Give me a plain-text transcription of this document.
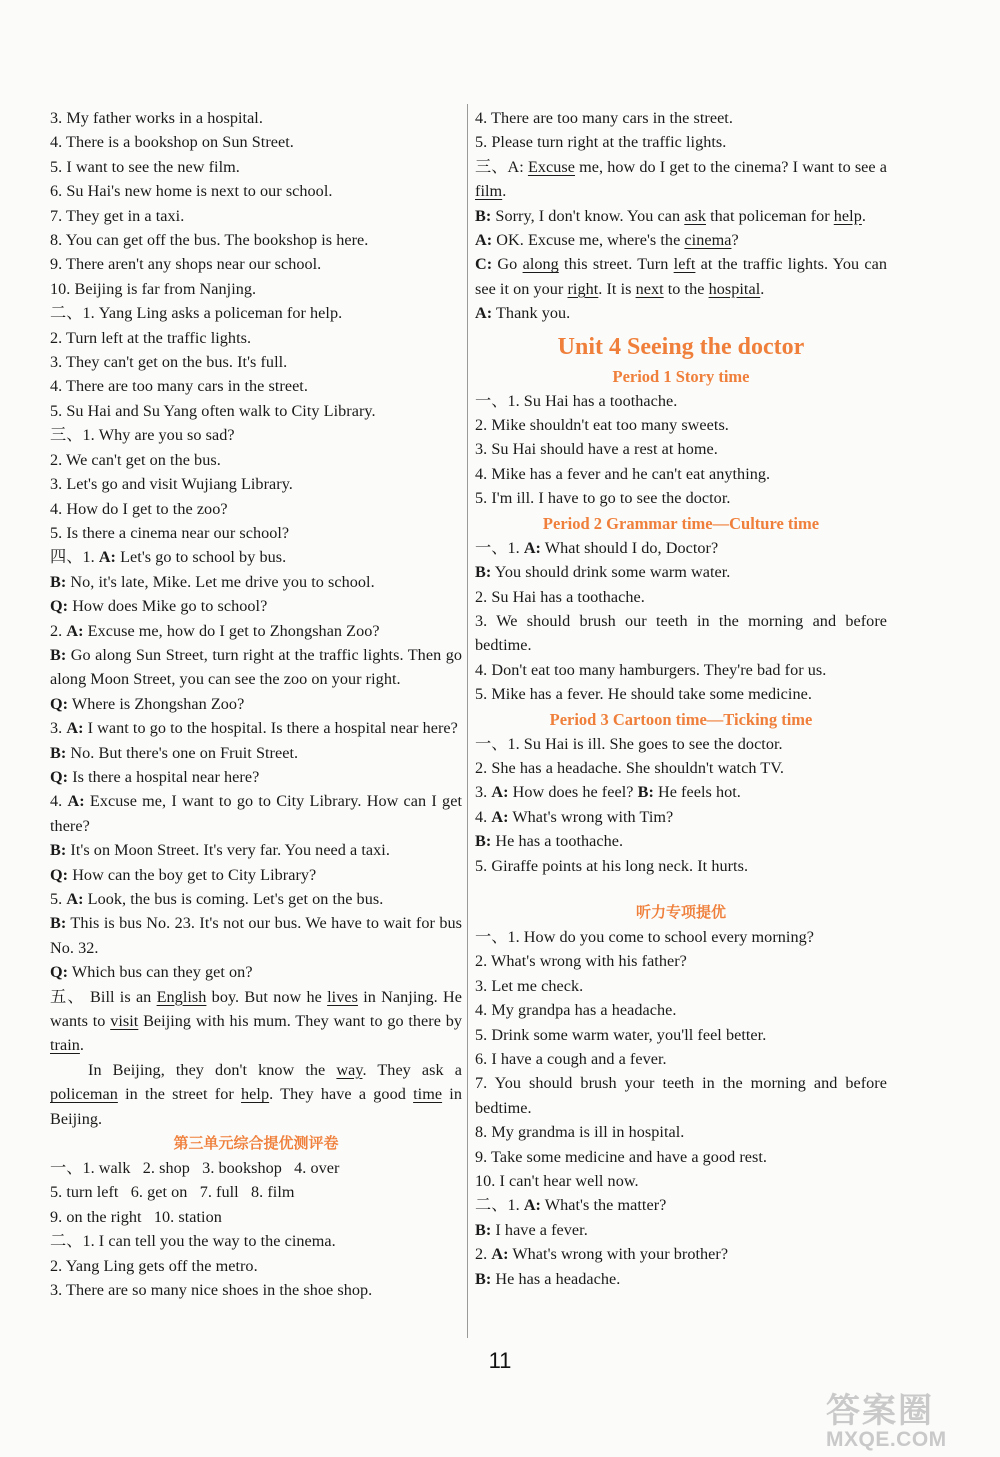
3. My father works in a hospital.
4. There is a bookshop on Sun Street.
5. I want to see the new film.
6. Su Hai's new home is next to our school.
7. They get in a taxi.
8. You can get off the bus. The bookshop is here.
9. There aren't any shops near our school.
10. Beijing is far from Nanjing.
二、1. Yang Ling asks a policeman for help.
2. Turn left at the traffic lights.
3. They can't get on the bus. It's full.
4. There are too many cars in the street.
5. Su Hai and Su Yang often walk to City Library.
三、1. Why are you so sad?
2. We can't get on the bus.
3. Let's go and visit Wujiang Library.
4. How do I get to the zoo?
5. Is there a cinema near our school?
四、1. A: Let's go to school by bus.
B: No, it's late, Mike. Let me drive you to school.
Q: How does Mike go to school?
2. A: Excuse me, how do I get to Zhongshan Zoo?
B: Go along Sun Street, turn right at the traffic lights. Then go along Moon Street, you can see the zoo on your right.
Q: Where is Zhongshan Zoo?
3. A: I want to go to the hospital. Is there a hospital near here?
B: No. But there's one on Fruit Street.
Q: Is there a hospital near here?
4. A: Excuse me, I want to go to City Library. How can I get there?
B: It's on Moon Street. It's very far. You need a taxi.
Q: How can the boy get to City Library?
5. A: Look, the bus is coming. Let's get on the bus.
B: This is bus No. 23. It's not our bus. We have to wait for bus No. 32.
Q: Which bus can they get on?
五、 Bill is an English boy. But now he lives in Nanjing. He wants to visit Beijing with his mum. They want to go there by train.
In Beijing, they don't know the way. They ask a policeman in the street for help. They have a good time in Beijing.
第三单元综合提优测评卷
一、1. walk   2. shop   3. bookshop   4. over
5. turn left   6. get on   7. full   8. film
9. on the right   10. station
二、1. I can tell you the way to the cinema.
2. Yang Ling gets off the metro.
3. There are so many nice shoes in the shoe shop.
4. There are too many cars in the street.
5. Please turn right at the traffic lights.
三、A: Excuse me, how do I get to the cinema? I want to see a film.
B: Sorry, I don't know. You can ask that policeman for help.
A: OK. Excuse me, where's the cinema?
C: Go along this street. Turn left at the traffic lights. You can see it on your right. It is next to the hospital.
A: Thank you.
Unit 4 Seeing the doctor
Period 1 Story time
一、1. Su Hai has a toothache.
2. Mike shouldn't eat too many sweets.
3. Su Hai should have a rest at home.
4. Mike has a fever and he can't eat anything.
5. I'm ill. I have to go to see the doctor.
Period 2 Grammar time—Culture time
一、1. A: What should I do, Doctor?
B: You should drink some warm water.
2. Su Hai has a toothache.
3. We should brush our teeth in the morning and before bedtime.
4. Don't eat too many hamburgers. They're bad for us.
5. Mike has a fever. He should take some medicine.
Period 3 Cartoon time—Ticking time
一、1. Su Hai is ill. She goes to see the doctor.
2. She has a headache. She shouldn't watch TV.
3. A: How does he feel? B: He feels hot.
4. A: What's wrong with Tim?
B: He has a toothache.
5. Giraffe points at his long neck. It hurts.
听力专项提优
一、1. How do you come to school every morning?
2. What's wrong with his father?
3. Let me check.
4. My grandpa has a headache.
5. Drink some warm water, you'll feel better.
6. I have a cough and a fever.
7. You should brush your teeth in the morning and before bedtime.
8. My grandma is ill in hospital.
9. Take some medicine and have a good rest.
10. I can't hear well now.
二、1. A: What's the matter?
B: I have a fever.
2. A: What's wrong with your brother?
B: He has a headache.
11
答案圈
MXQE.COM
